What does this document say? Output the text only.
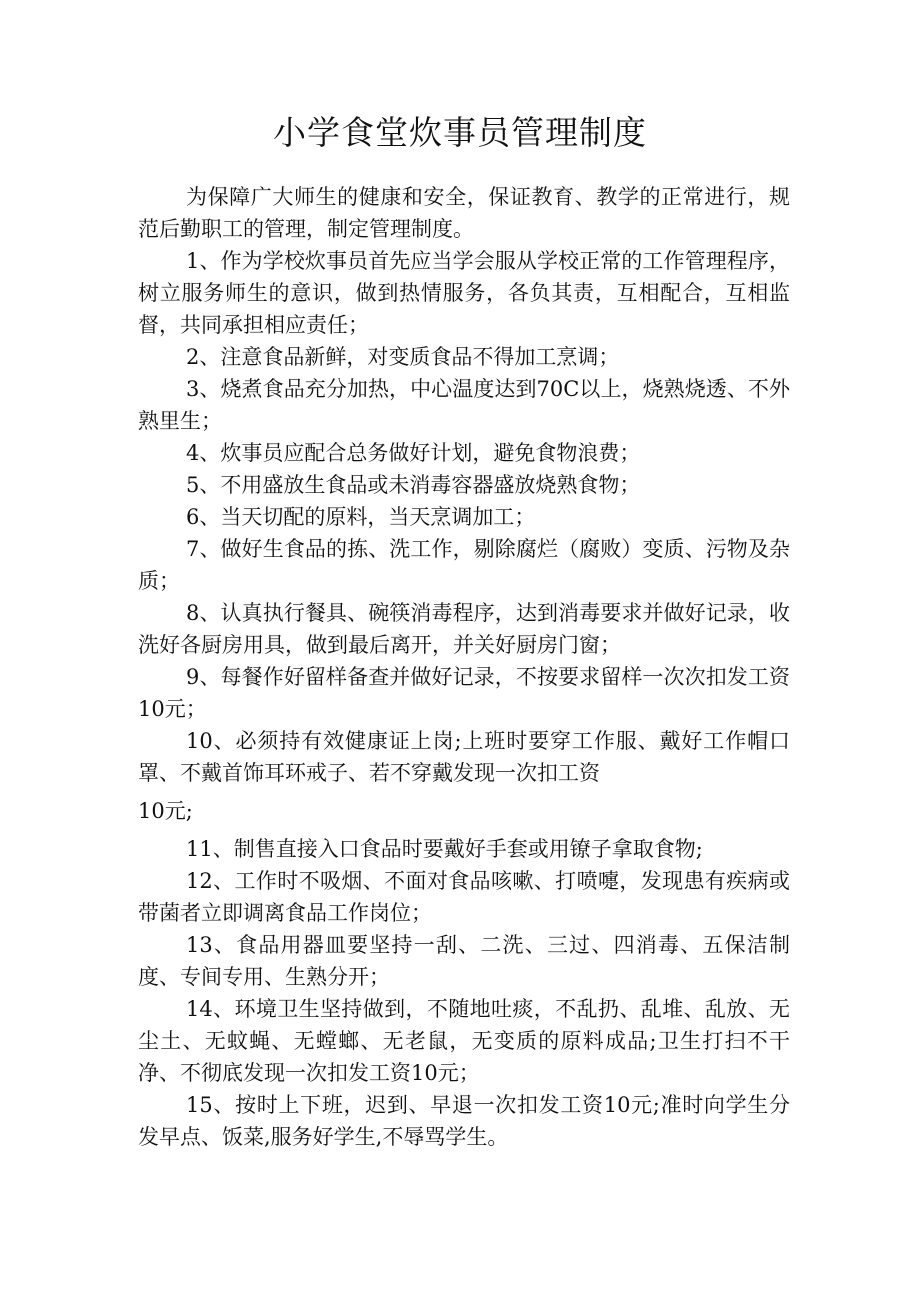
小学食堂炊事员管理制度

为保障广大师生的健康和安全，保证教育、教学的正常进行，规范后勤职工的管理，制定管理制度。

1、作为学校炊事员首先应当学会服从学校正常的工作管理程序，树立服务师生的意识，做到热情服务，各负其责，互相配合，互相监督，共同承担相应责任；

2、注意食品新鲜，对变质食品不得加工烹调；

3、烧煮食品充分加热，中心温度达到70C以上，烧熟烧透、不外熟里生；

4、炊事员应配合总务做好计划，避免食物浪费；

5、不用盛放生食品或未消毒容器盛放烧熟食物；

6、当天切配的原料，当天烹调加工；

7、做好生食品的拣、洗工作，剔除腐烂（腐败）变质、污物及杂质；

8、认真执行餐具、碗筷消毒程序，达到消毒要求并做好记录，收洗好各厨房用具，做到最后离开，并关好厨房门窗；

9、每餐作好留样备查并做好记录，不按要求留样一次次扣发工资10元；

10、必须持有效健康证上岗;上班时要穿工作服、戴好工作帽口罩、不戴首饰耳环戒子、若不穿戴发现一次扣工资

10元;

11、制售直接入口食品时要戴好手套或用镣子拿取食物;

12、工作时不吸烟、不面对食品咳嗽、打喷嚏，发现患有疾病或带菌者立即调离食品工作岗位；

13、食品用器皿要坚持一刮、二洗、三过、四消毒、五保洁制度、专间专用、生熟分开；

14、环境卫生坚持做到，不随地吐痰，不乱扔、乱堆、乱放、无尘土、无蚊蝇、无螳螂、无老鼠，无变质的原料成品;卫生打扫不干净、不彻底发现一次扣发工资10元；

15、按时上下班，迟到、早退一次扣发工资10元;准时向学生分发早点、饭菜,服务好学生,不辱骂学生。
